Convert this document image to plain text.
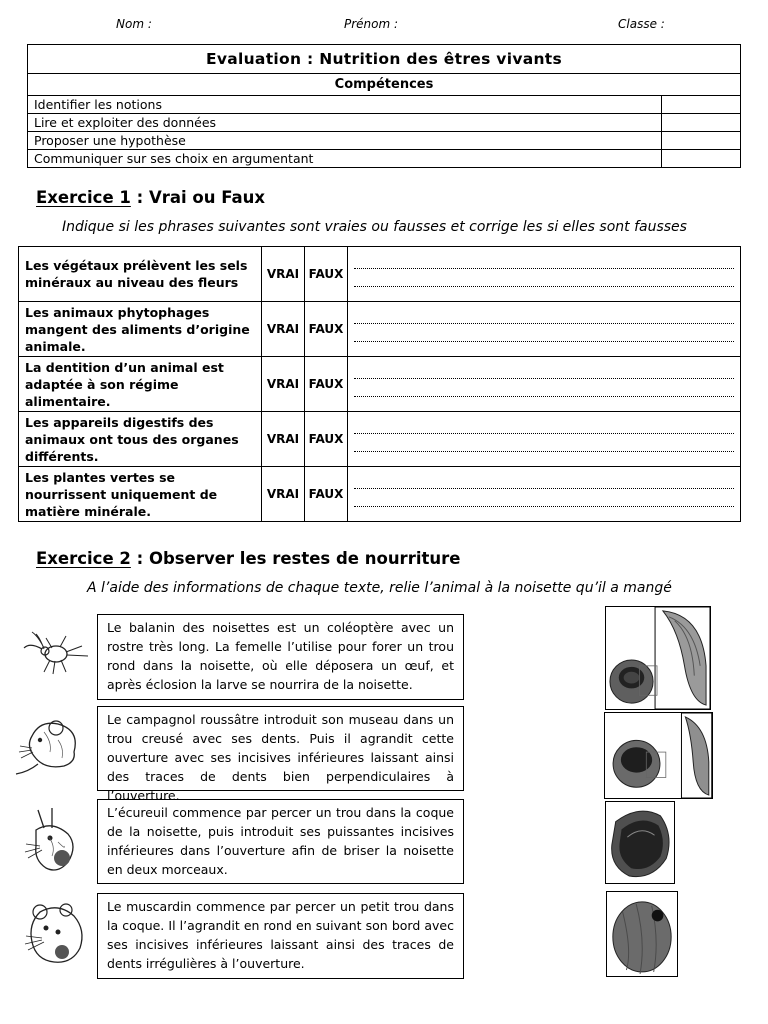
Nom :	Prénom :	Classe :
Evaluation : Nutrition des êtres vivants	
Compétences	
Identifier les notions	
Lire et exploiter des données	
Proposer une hypothèse	
Communiquer sur ses choix en argumentant	
Exercice 1 : Vrai ou Faux
Indique si les phrases suivantes sont vraies ou fausses et corrige les si elles sont fausses
Les végétaux prélèvent les sels minéraux au niveau des fleurs	VRAI	FAUX	

Les animaux phytophages mangent des aliments d’origine animale.	VRAI	FAUX	

La dentition d’un animal est adaptée à son régime alimentaire.	VRAI	FAUX	

Les appareils digestifs des animaux ont tous des organes différents.	VRAI	FAUX	

Les plantes vertes se nourrissent uniquement de matière minérale.	VRAI	FAUX	
Exercice 2 : Observer les restes de nourriture
A l’aide des informations de chaque texte, relie l’animal à la noisette qu’il a mangé
Le balanin des noisettes est un coléoptère avec un rostre très long. La femelle l’utilise pour forer un trou rond dans la noisette, où elle déposera un œuf, et après éclosion la larve se nourrira de la noisette.
Le campagnol roussâtre introduit son museau dans un trou creusé avec ses dents. Puis il agrandit cette ouverture avec ses incisives inférieures laissant ainsi des traces de dents bien perpendiculaires à l’ouverture.
L’écureuil commence par percer un trou dans la coque de la noisette, puis introduit ses puissantes incisives inférieures dans l’ouverture afin de briser la noisette en deux morceaux.
Le muscardin commence par percer un petit trou dans la coque. Il l’agrandit en rond en suivant son bord avec ses incisives inférieures laissant ainsi des traces de dents irrégulières à l’ouverture.
